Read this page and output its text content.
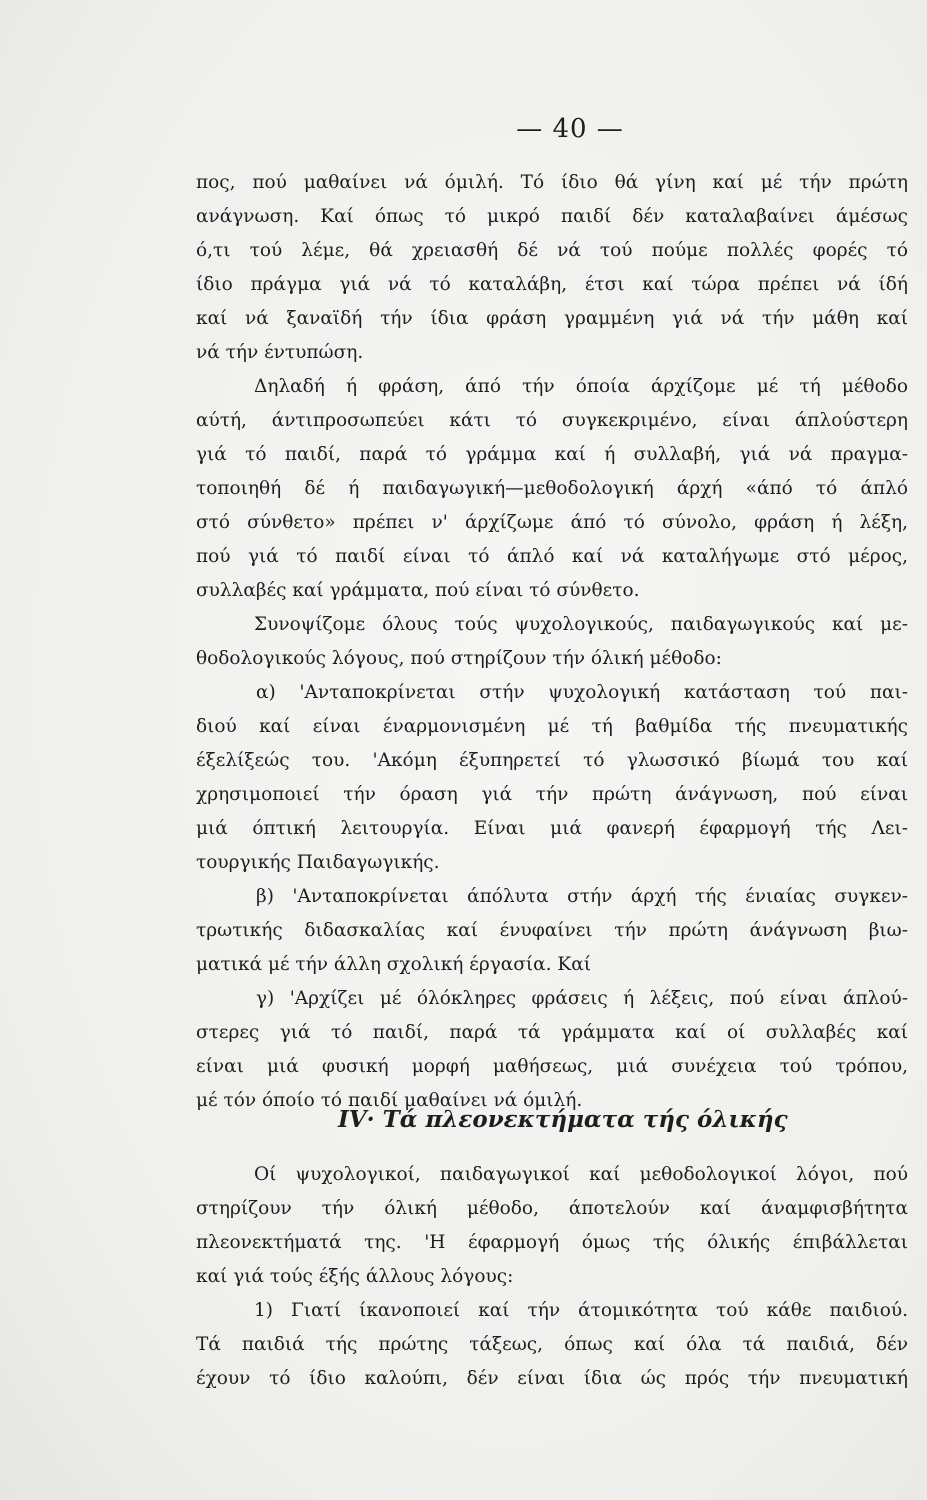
— 40 —
πος, πού μαθαίνει νά όμιλή. Τό ίδιο θά γίνη καί μέ τήν πρώτη
ανάγνωση. Καί όπως τό μικρό παιδί δέν καταλαβαίνει άμέσως
ό,τι τού λέμε, θά χρειασθή δέ νά τού πούμε πολλές φορές τό
ίδιο πράγμα γιά νά τό καταλάβη, έτσι καί τώρα πρέπει νά ίδή
καί νά ξαναϊδή τήν ίδια φράση γραμμένη γιά νά τήν μάθη καί
νά τήν έντυπώση.
Δηλαδή ή φράση, άπό τήν όποία άρχίζομε μέ τή μέθοδο
αύτή, άντιπροσωπεύει κάτι τό συγκεκριμένο, είναι άπλούστερη
γιά τό παιδί, παρά τό γράμμα καί ή συλλαβή, γιά νά πραγμα-
τοποιηθή δέ ή παιδαγωγική—μεθοδολογική άρχή «άπό τό άπλό
στό σύνθετο» πρέπει ν' άρχίζωμε άπό τό σύνολο, φράση ή λέξη,
πού γιά τό παιδί είναι τό άπλό καί νά καταλήγωμε στό μέρος,
συλλαβές καί γράμματα, πού είναι τό σύνθετο.
Συνοψίζομε όλους τούς ψυχολογικούς, παιδαγωγικούς καί με-
θοδολογικούς λόγους, πού στηρίζουν τήν όλική μέθοδο:
α) 'Ανταποκρίνεται στήν ψυχολογική κατάσταση τού παι-
διού καί είναι έναρμονισμένη μέ τή βαθμίδα τής πνευματικής
έξελίξεώς του. 'Ακόμη έξυπηρετεί τό γλωσσικό βίωμά του καί
χρησιμοποιεί τήν όραση γιά τήν πρώτη άνάγνωση, πού είναι
μιά όπτική λειτουργία. Είναι μιά φανερή έφαρμογή τής Λει-
τουργικής Παιδαγωγικής.
β) 'Ανταποκρίνεται άπόλυτα στήν άρχή τής ένιαίας συγκεν-
τρωτικής διδασκαλίας καί ένυφαίνει τήν πρώτη άνάγνωση βιω-
ματικά μέ τήν άλλη σχολική έργασία. Καί
γ) 'Αρχίζει μέ όλόκληρες φράσεις ή λέξεις, πού είναι άπλού-
στερες γιά τό παιδί, παρά τά γράμματα καί οί συλλαβές καί
είναι μιά φυσική μορφή μαθήσεως, μιά συνέχεια τού τρόπου,
μέ τόν όποίο τό παιδί μαθαίνει νά όμιλή.
IV· Τά πλεονεκτήματα τής όλικής
Οί ψυχολογικοί, παιδαγωγικοί καί μεθοδολογικοί λόγοι, πού
στηρίζουν τήν όλική μέθοδο, άποτελούν καί άναμφισβήτητα
πλεονεκτήματά της. 'Η έφαρμογή όμως τής όλικής έπιβάλλεται
καί γιά τούς έξής άλλους λόγους:
1) Γιατί ίκανοποιεί καί τήν άτομικότητα τού κάθε παιδιού.
Τά παιδιά τής πρώτης τάξεως, όπως καί όλα τά παιδιά, δέν
έχουν τό ίδιο καλούπι, δέν είναι ίδια ώς πρός τήν πνευματική
